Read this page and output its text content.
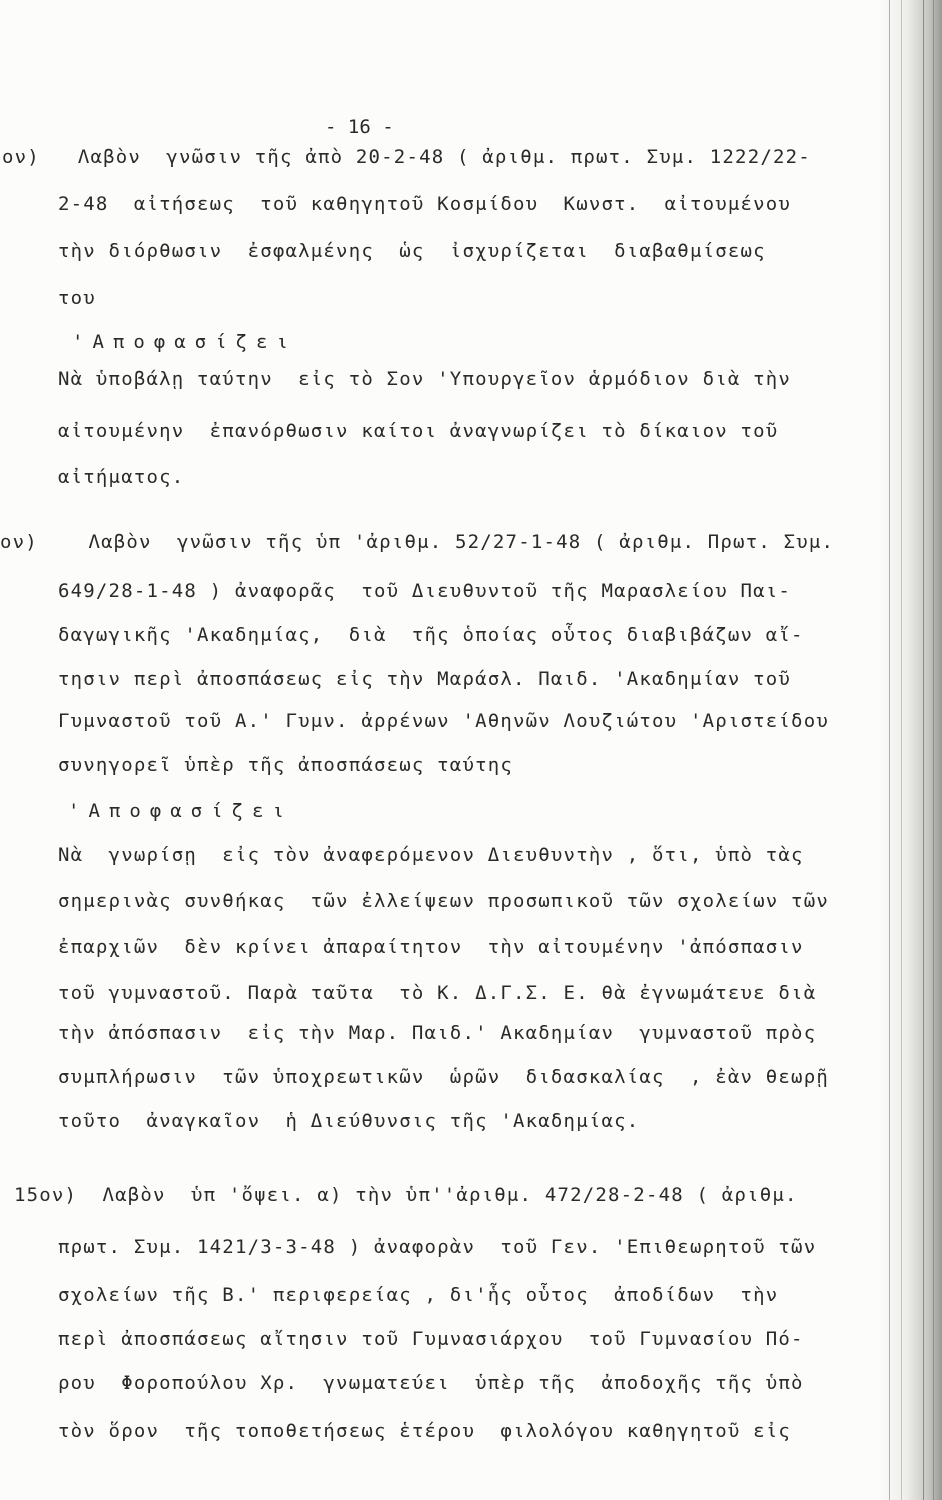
- 16 -
ον)   Λαβὸν  γνῶσιν τῆς ἀπὸ 20-2-48 ( ἀριθμ. πρωτ. Συμ. 1222/22-
2-48  αἰτήσεως  τοῦ καθηγητοῦ Κοσμίδου  Κωνστ.  αἰτουμένου
τὴν διόρθωσιν  ἐσφαλμένης  ὡς  ἰσχυρίζεται  διαβαθμίσεως
του
'Αποφασίζει
Νὰ ὑποβάλῃ ταύτην  εἰς τὸ Σον 'Υπουργεῖον ἁρμόδιον διὰ τὴν
αἰτουμένην  ἐπανόρθωσιν καίτοι ἀναγνωρίζει τὸ δίκαιον τοῦ
αἰτήματος.
ον)    Λαβὸν  γνῶσιν τῆς ὑπ 'ἀριθμ. 52/27-1-48 ( ἀριθμ. Πρωτ. Συμ.
649/28-1-48 ) ἀναφορᾶς  τοῦ Διευθυντοῦ τῆς Μαρασλείου Παι-
δαγωγικῆς 'Ακαδημίας,  διὰ  τῆς ὁποίας οὗτος διαβιβάζων αἴ-
τησιν περὶ ἀποσπάσεως εἰς τὴν Μαράσλ. Παιδ. 'Ακαδημίαν τοῦ
Γυμναστοῦ τοῦ Α.' Γυμν. ἀρρένων 'Αθηνῶν Λουζιώτου 'Αριστείδου
συνηγορεῖ ὑπὲρ τῆς ἀποσπάσεως ταύτης
'Αποφασίζει
Νὰ  γνωρίσῃ  εἰς τὸν ἀναφερόμενον Διευθυντὴν , ὅτι, ὑπὸ τὰς
σημερινὰς συνθήκας  τῶν ἐλλείψεων προσωπικοῦ τῶν σχολείων τῶν
ἐπαρχιῶν  δὲν κρίνει ἀπαραίτητον  τὴν αἰτουμένην 'ἀπόσπασιν
τοῦ γυμναστοῦ. Παρὰ ταῦτα  τὸ Κ. Δ.Γ.Σ. Ε. θὰ ἐγνωμάτευε διὰ
τὴν ἀπόσπασιν  εἰς τὴν Μαρ. Παιδ.' Ακαδημίαν  γυμναστοῦ πρὸς
συμπλήρωσιν  τῶν ὑποχρεωτικῶν  ὡρῶν  διδασκαλίας  , ἐὰν θεωρῇ
τοῦτο  ἀναγκαῖον  ἡ Διεύθυνσις τῆς 'Ακαδημίας.
15ον)  Λαβὸν  ὑπ 'ὄψει. α) τὴν ὑπ''ἀριθμ. 472/28-2-48 ( ἀριθμ.
πρωτ. Συμ. 1421/3-3-48 ) ἀναφορὰν  τοῦ Γεν. 'Επιθεωρητοῦ τῶν
σχολείων τῆς Β.' περιφερείας , δι'ἧς οὗτος  ἀποδίδων  τὴν
περὶ ἀποσπάσεως αἴτησιν τοῦ Γυμνασιάρχου  τοῦ Γυμνασίου Πό-
ρου  Φοροπούλου Χρ.  γνωματεύει  ὑπὲρ τῆς  ἀποδοχῆς τῆς ὑπὸ
τὸν ὅρον  τῆς τοποθετήσεως ἑτέρου  φιλολόγου καθηγητοῦ εἰς
